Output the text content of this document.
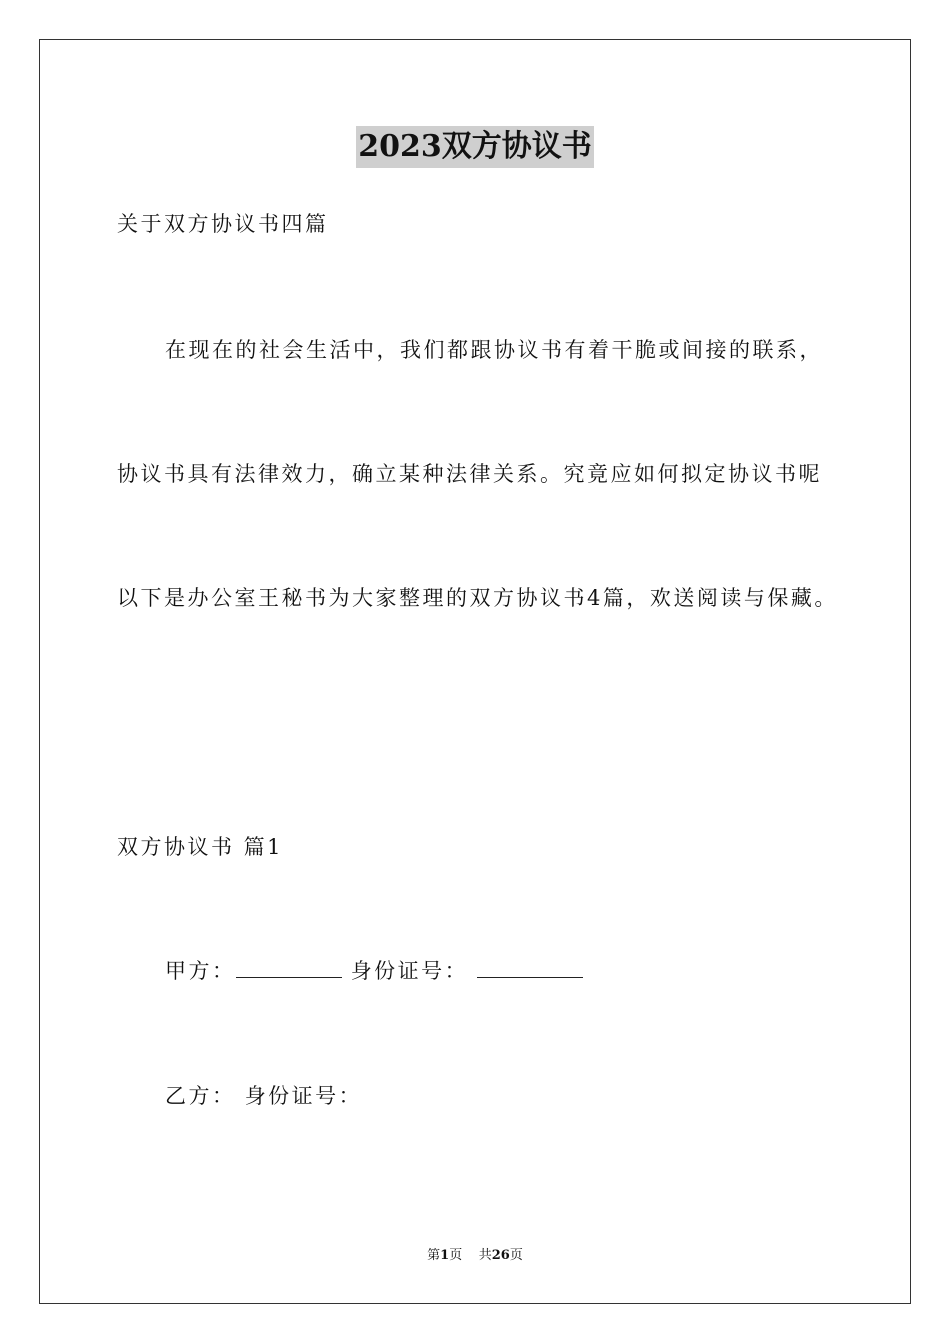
2023双方协议书
关于双方协议书四篇
在现在的社会生活中，我们都跟协议书有着干脆或间接的联系，
协议书具有法律效力，确立某种法律关系。究竟应如何拟定协议书呢
以下是办公室王秘书为大家整理的双方协议书4篇，欢送阅读与保藏。
双方协议书 篇1
甲方：	身份证号：
乙方： 身份证号：
第1页 共26页
